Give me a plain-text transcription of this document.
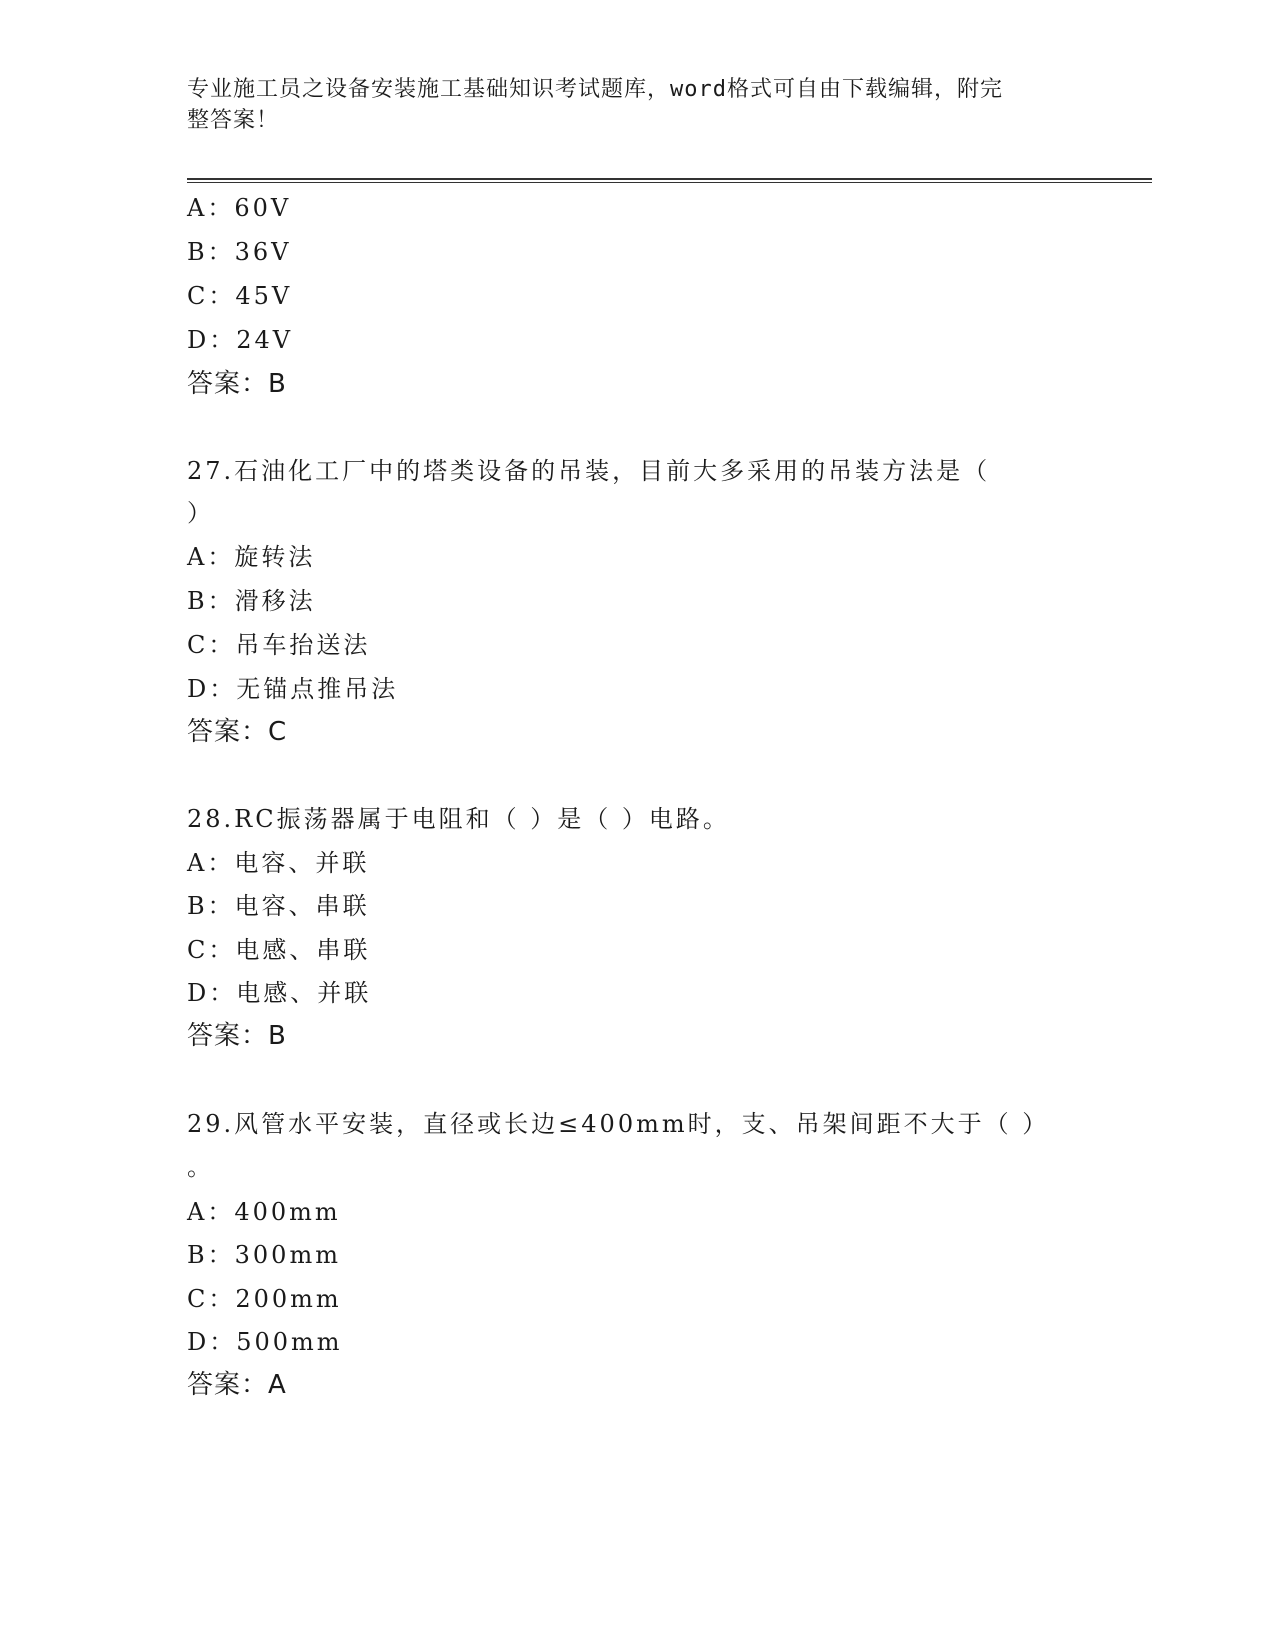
专业施工员之设备安装施工基础知识考试题库，word格式可自由下载编辑，附完
整答案！
A：60V
B：36V
C：45V
D：24V
答案：B
27.石油化工厂中的塔类设备的吊装，目前大多采用的吊装方法是（
）
A：旋转法
B：滑移法
C：吊车抬送法
D：无锚点推吊法
答案：C
28.RC振荡器属于电阻和（ ）是（ ）电路。
A：电容、并联
B：电容、串联
C：电感、串联
D：电感、并联
答案：B
29.风管水平安装，直径或长边≤400mm时，支、吊架间距不大于（ ）
。
A：400mm
B：300mm
C：200mm
D：500mm
答案：A
